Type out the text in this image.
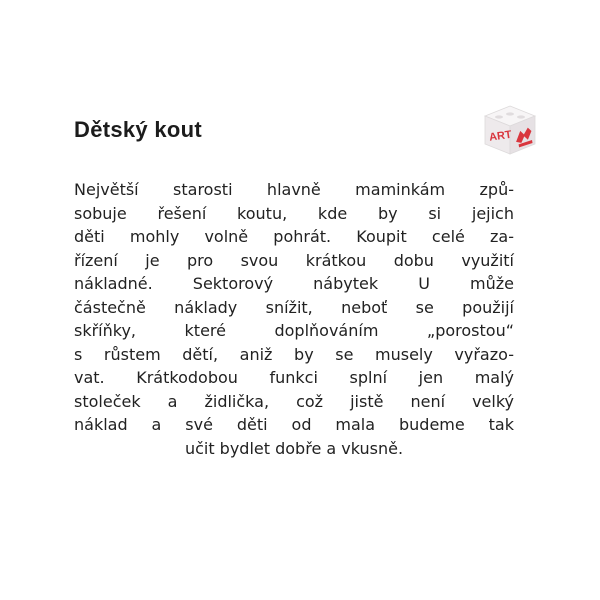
Dětský kout	ART
Největší starosti hlavně maminkám způ-
sobuje řešení koutu, kde by si jejich
děti mohly volně pohrát. Koupit celé za-
řízení je pro svou krátkou dobu využití
nákladné. Sektorový nábytek U může
částečně náklady snížit, neboť se použijí
skříňky, které doplňováním „porostou“
s růstem dětí, aniž by se musely vyřazo-
vat. Krátkodobou funkci splní jen malý
stoleček a židlička, což jistě není velký
náklad a své děti od mala budeme tak
učit bydlet dobře a vkusně.
